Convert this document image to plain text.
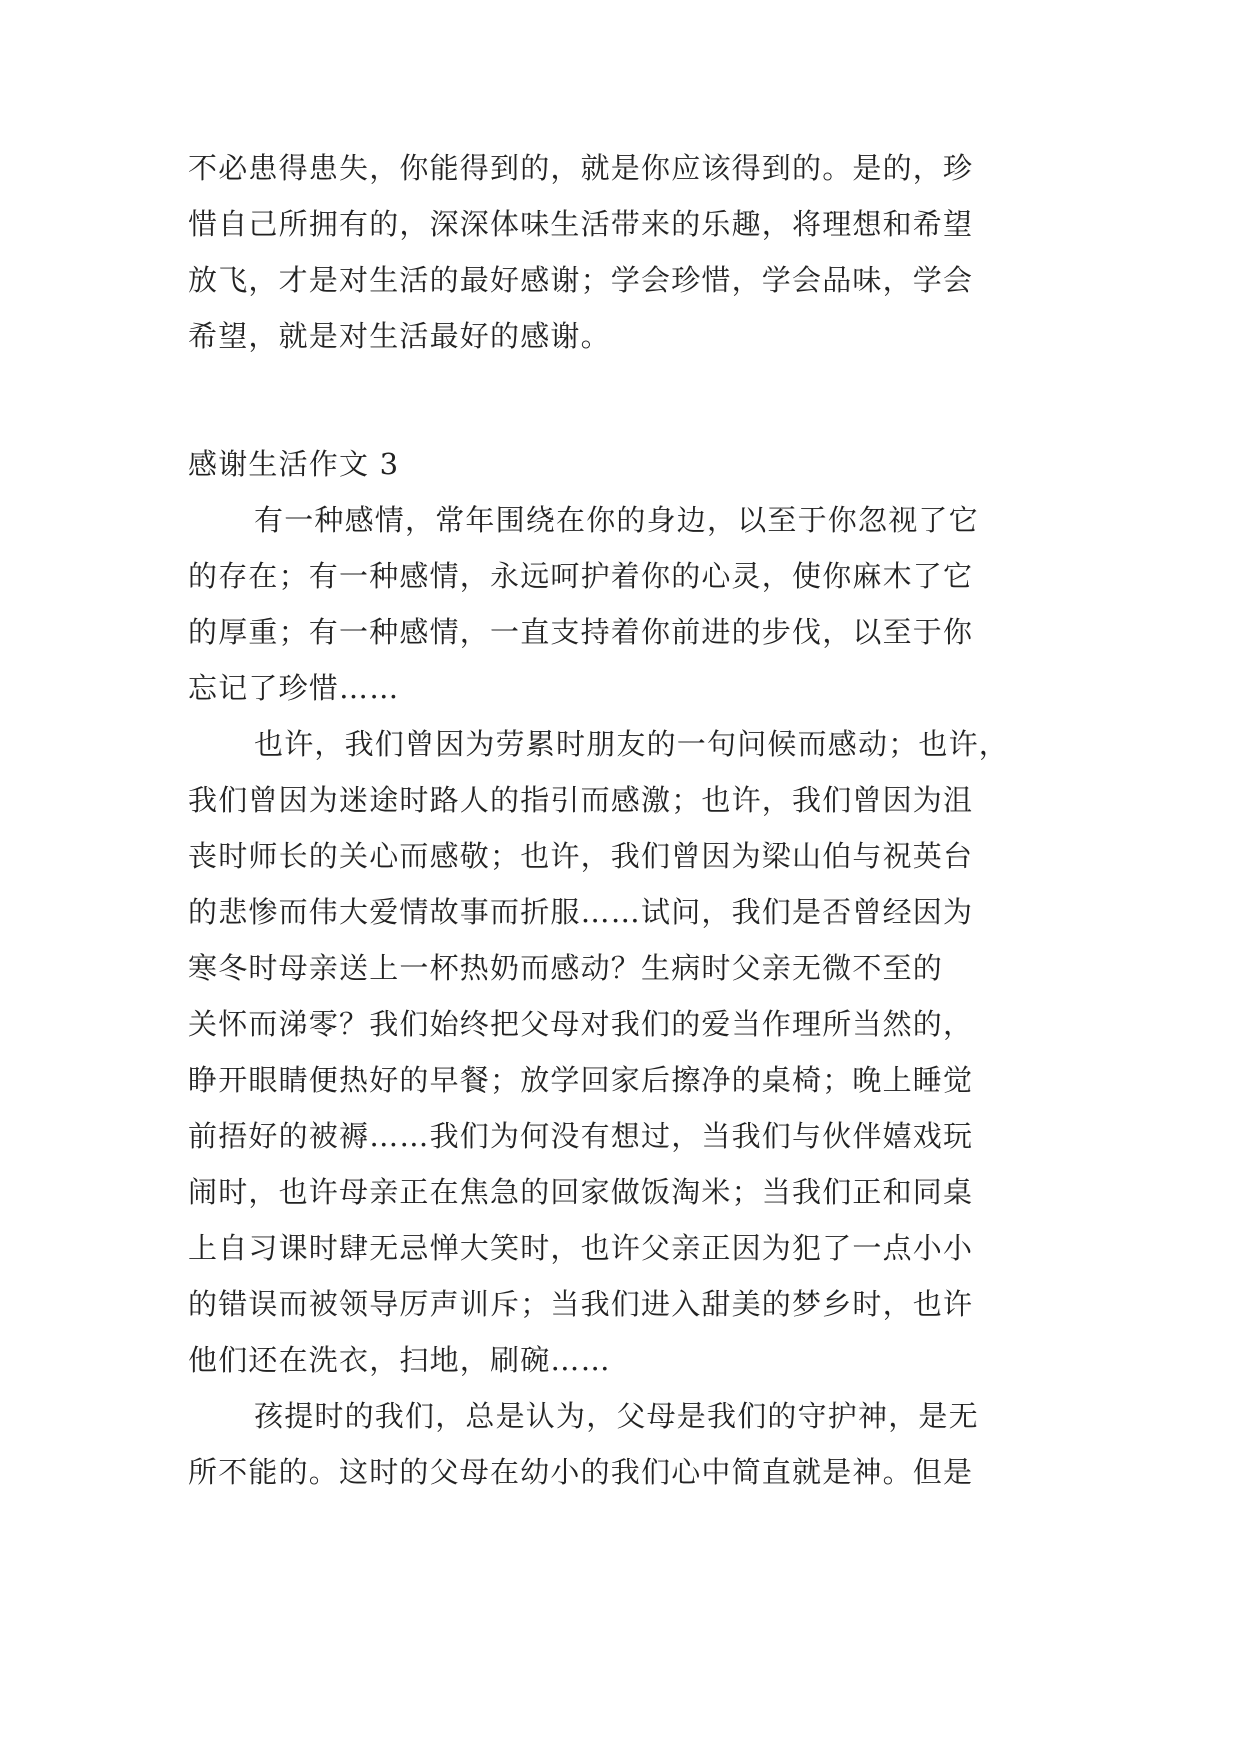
不必患得患失，你能得到的，就是你应该得到的。是的，珍
惜自己所拥有的，深深体味生活带来的乐趣，将理想和希望
放飞，才是对生活的最好感谢；学会珍惜，学会品味，学会
希望，就是对生活最好的感谢。
感谢生活作文 3
有一种感情，常年围绕在你的身边，以至于你忽视了它
的存在；有一种感情，永远呵护着你的心灵，使你麻木了它
的厚重；有一种感情，一直支持着你前进的步伐，以至于你
忘记了珍惜……
也许，我们曾因为劳累时朋友的一句问候而感动；也许，
我们曾因为迷途时路人的指引而感激；也许，我们曾因为沮
丧时师长的关心而感敬；也许，我们曾因为梁山伯与祝英台
的悲惨而伟大爱情故事而折服……试问，我们是否曾经因为
寒冬时母亲送上一杯热奶而感动？生病时父亲无微不至的
关怀而涕零？我们始终把父母对我们的爱当作理所当然的，
睁开眼睛便热好的早餐；放学回家后擦净的桌椅；晚上睡觉
前捂好的被褥……我们为何没有想过，当我们与伙伴嬉戏玩
闹时，也许母亲正在焦急的回家做饭淘米；当我们正和同桌
上自习课时肆无忌惮大笑时，也许父亲正因为犯了一点小小
的错误而被领导厉声训斥；当我们进入甜美的梦乡时，也许
他们还在洗衣，扫地，刷碗……
孩提时的我们，总是认为，父母是我们的守护神，是无
所不能的。这时的父母在幼小的我们心中简直就是神。但是
